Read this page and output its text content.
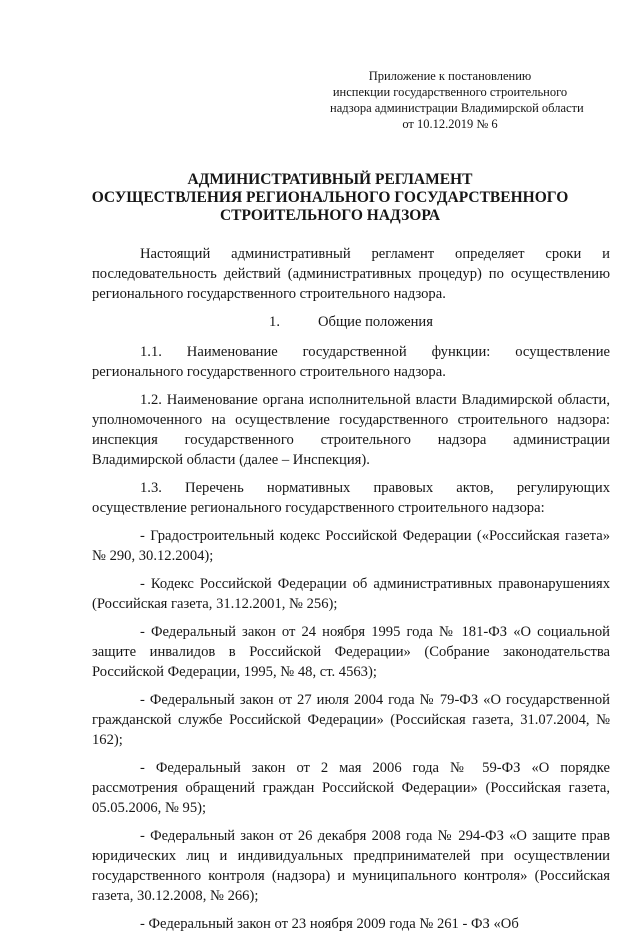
Приложение к постановлению
инспекции государственного строительного
надзора администрации Владимирской области
от 10.12.2019 № 6
АДМИНИСТРАТИВНЫЙ РЕГЛАМЕНТ
ОСУЩЕСТВЛЕНИЯ РЕГИОНАЛЬНОГО ГОСУДАРСТВЕННОГО
СТРОИТЕЛЬНОГО НАДЗОРА

Настоящий административный регламент определяет сроки и последовательность действий (административных процедур) по осуществлению регионального государственного строительного надзора.

1.	Общие положения

1.1. Наименование государственной функции: осуществление регионального государственного строительного надзора.

1.2. Наименование органа исполнительной власти Владимирской области, уполномоченного на осуществление государственного строительного надзора: инспекция государственного строительного надзора администрации Владимирской области (далее – Инспекция).

1.3. Перечень нормативных правовых актов, регулирующих осуществление регионального государственного строительного надзора:

- Градостроительный кодекс Российской Федерации («Российская газета» № 290, 30.12.2004);

- Кодекс Российской Федерации об административных правонарушениях (Российская газета, 31.12.2001, № 256);

- Федеральный закон от 24 ноября 1995 года № 181-ФЗ «О социальной защите инвалидов в Российской Федерации» (Собрание законодательства Российской Федерации, 1995, № 48, ст. 4563);

- Федеральный закон от 27 июля 2004 года № 79-ФЗ «О государственной гражданской службе Российской Федерации» (Российская газета, 31.07.2004, № 162);

- Федеральный закон от 2 мая 2006 года № 59-ФЗ «О порядке рассмотрения обращений граждан Российской Федерации» (Российская газета, 05.05.2006, № 95);

- Федеральный закон от 26 декабря 2008 года № 294-ФЗ «О защите прав юридических лиц и индивидуальных предпринимателей при осуществлении государственного контроля (надзора) и муниципального контроля» (Российская газета, 30.12.2008, № 266);

- Федеральный закон от 23 ноября 2009 года № 261 - ФЗ «Об
